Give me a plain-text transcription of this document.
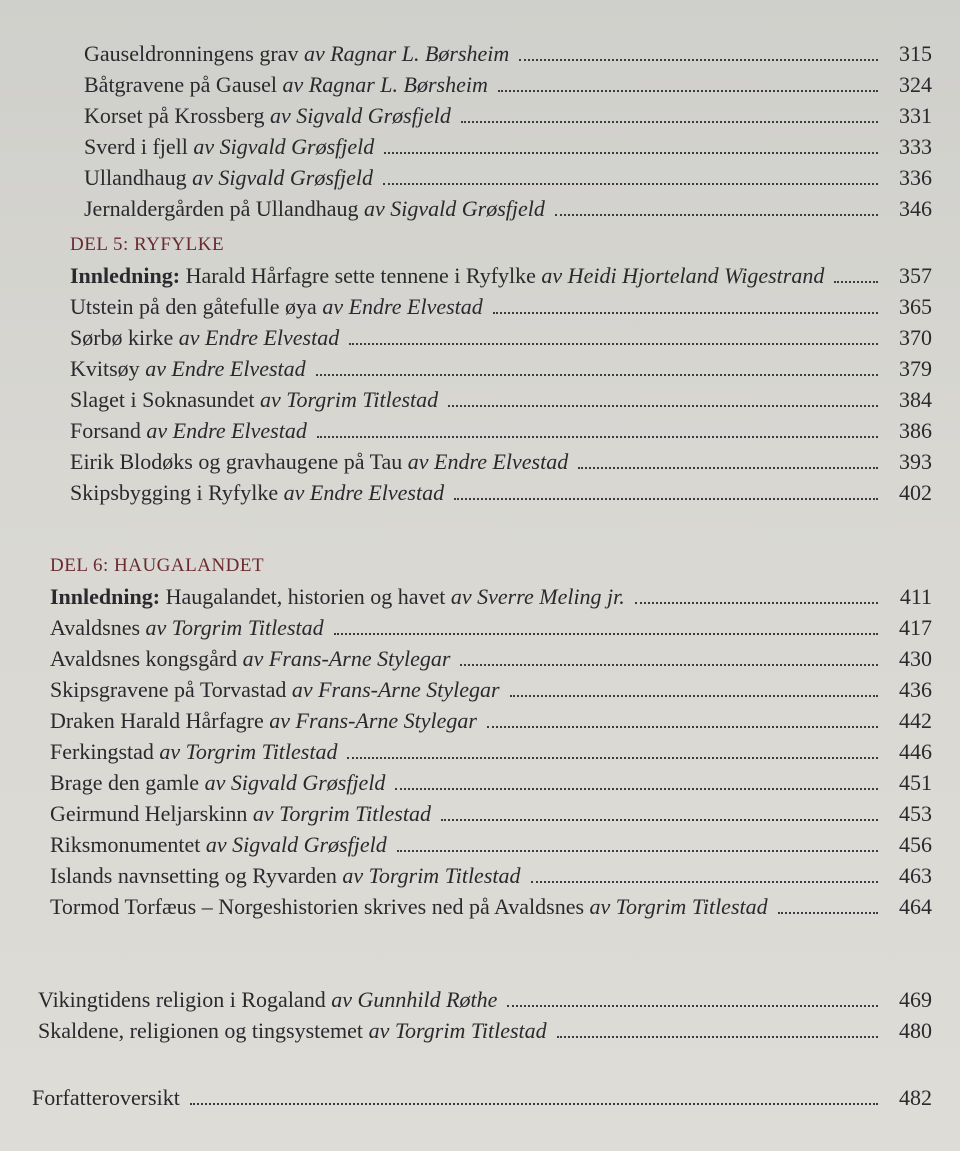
Gauseldronningens grav av Ragnar L. Børsheim	315
Båtgravene på Gausel av Ragnar L. Børsheim	324
Korset på Krossberg av Sigvald Grøsfjeld	331
Sverd i fjell av Sigvald Grøsfjeld	333
Ullandhaug av Sigvald Grøsfjeld	336
Jernaldergården på Ullandhaug av Sigvald Grøsfjeld	346
DEL 5: RYFYLKE
Innledning: Harald Hårfagre sette tennene i Ryfylke av Heidi Hjorteland Wigestrand	357
Utstein på den gåtefulle øya av Endre Elvestad	365
Sørbø kirke av Endre Elvestad	370
Kvitsøy av Endre Elvestad	379
Slaget i Soknasundet av Torgrim Titlestad	384
Forsand av Endre Elvestad	386
Eirik Blodøks og gravhaugene på Tau av Endre Elvestad	393
Skipsbygging i Ryfylke av Endre Elvestad	402
DEL 6: HAUGALANDET
Innledning: Haugalandet, historien og havet av Sverre Meling jr.	411
Avaldsnes av Torgrim Titlestad	417
Avaldsnes kongsgård av Frans-Arne Stylegar	430
Skipsgravene på Torvastad av Frans-Arne Stylegar	436
Draken Harald Hårfagre av Frans-Arne Stylegar	442
Ferkingstad av Torgrim Titlestad	446
Brage den gamle av Sigvald Grøsfjeld	451
Geirmund Heljarskinn av Torgrim Titlestad	453
Riksmonumentet av Sigvald Grøsfjeld	456
Islands navnsetting og Ryvarden av Torgrim Titlestad	463
Tormod Torfæus – Norgeshistorien skrives ned på Avaldsnes av Torgrim Titlestad	464
Vikingtidens religion i Rogaland av Gunnhild Røthe	469
Skaldene, religionen og tingsystemet av Torgrim Titlestad	480
Forfatteroversikt	482
